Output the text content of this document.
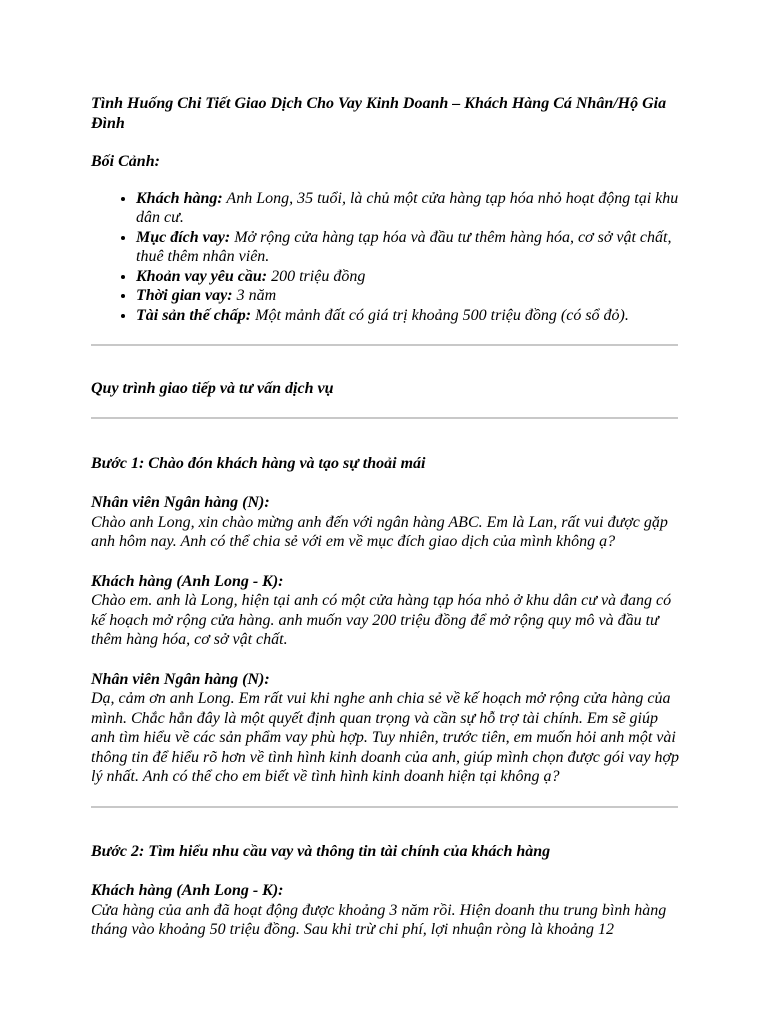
Tình Huống Chi Tiết Giao Dịch Cho Vay Kinh Doanh – Khách Hàng Cá Nhân/Hộ Gia Đình

Bối Cảnh:

• Khách hàng: Anh Long, 35 tuổi, là chủ một cửa hàng tạp hóa nhỏ hoạt động tại khu dân cư.
• Mục đích vay: Mở rộng cửa hàng tạp hóa và đầu tư thêm hàng hóa, cơ sở vật chất, thuê thêm nhân viên.
• Khoản vay yêu cầu: 200 triệu đồng
• Thời gian vay: 3 năm
• Tài sản thế chấp: Một mảnh đất có giá trị khoảng 500 triệu đồng (có sổ đỏ).

Quy trình giao tiếp và tư vấn dịch vụ

Bước 1: Chào đón khách hàng và tạo sự thoải mái

Nhân viên Ngân hàng (N):

Chào anh Long, xin chào mừng anh đến với ngân hàng ABC. Em là Lan, rất vui được gặp anh hôm nay. Anh có thể chia sẻ với em về mục đích giao dịch của mình không ạ?

Khách hàng (Anh Long - K):

Chào em. anh là Long, hiện tại anh có một cửa hàng tạp hóa nhỏ ở khu dân cư và đang có kế hoạch mở rộng cửa hàng. anh muốn vay 200 triệu đồng để mở rộng quy mô và đầu tư thêm hàng hóa, cơ sở vật chất.

Nhân viên Ngân hàng (N):

Dạ, cảm ơn anh Long. Em rất vui khi nghe anh chia sẻ về kế hoạch mở rộng cửa hàng của mình. Chắc hẳn đây là một quyết định quan trọng và cần sự hỗ trợ tài chính. Em sẽ giúp anh tìm hiểu về các sản phẩm vay phù hợp. Tuy nhiên, trước tiên, em muốn hỏi anh một vài thông tin để hiểu rõ hơn về tình hình kinh doanh của anh, giúp mình chọn được gói vay hợp lý nhất. Anh có thể cho em biết về tình hình kinh doanh hiện tại không ạ?

Bước 2: Tìm hiểu nhu cầu vay và thông tin tài chính của khách hàng

Khách hàng (Anh Long - K):

Cửa hàng của anh đã hoạt động được khoảng 3 năm rồi. Hiện doanh thu trung bình hàng tháng vào khoảng 50 triệu đồng. Sau khi trừ chi phí, lợi nhuận ròng là khoảng 12
